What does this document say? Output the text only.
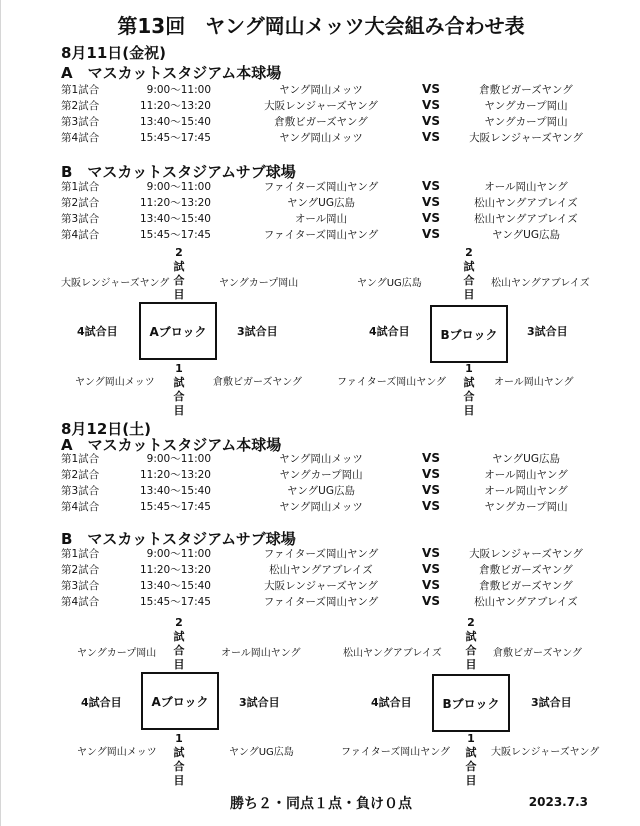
第13回　ヤング岡山メッツ大会組み合わせ表
8月11日(金祝)
A　マスカットスタジアム本球場
第1試合	9:00〜11:00	ヤング岡山メッツ	VS	倉敷ビガーズヤング
第2試合	11:20〜13:20	大阪レンジャーズヤング	VS	ヤングカープ岡山
第3試合	13:40〜15:40	倉敷ビガーズヤング	VS	ヤングカープ岡山
第4試合	15:45〜17:45	ヤング岡山メッツ	VS	大阪レンジャーズヤング
B　マスカットスタジアムサブ球場
第1試合	9:00〜11:00	ファイターズ岡山ヤング	VS	オール岡山ヤング
第2試合	11:20〜13:20	ヤングUG広島	VS	松山ヤングアブレイズ
第3試合	13:40〜15:40	オール岡山	VS	松山ヤングアブレイズ
第4試合	15:45〜17:45	ファイターズ岡山ヤング	VS	ヤングUG広島
2
試
合
目
大阪レンジャーズヤング	ヤングカープ岡山
Aブロック
4試合目	3試合目
1
試
合
目
ヤング岡山メッツ	倉敷ビガーズヤング
2
試
合
目
ヤングUG広島	松山ヤングアブレイズ
Bブロック
4試合目	3試合目
1
試
合
目
ファイターズ岡山ヤング	オール岡山ヤング
8月12日(土)
A　マスカットスタジアム本球場
第1試合	9:00〜11:00	ヤング岡山メッツ	VS	ヤングUG広島
第2試合	11:20〜13:20	ヤングカープ岡山	VS	オール岡山ヤング
第3試合	13:40〜15:40	ヤングUG広島	VS	オール岡山ヤング
第4試合	15:45〜17:45	ヤング岡山メッツ	VS	ヤングカープ岡山
B　マスカットスタジアムサブ球場
第1試合	9:00〜11:00	ファイターズ岡山ヤング	VS	大阪レンジャーズヤング
第2試合	11:20〜13:20	松山ヤングアブレイズ	VS	倉敷ビガーズヤング
第3試合	13:40〜15:40	大阪レンジャーズヤング	VS	倉敷ビガーズヤング
第4試合	15:45〜17:45	ファイターズ岡山ヤング	VS	松山ヤングアブレイズ
2
試
合
目
ヤングカープ岡山	オール岡山ヤング
Aブロック
4試合目	3試合目
1
試
合
目
ヤング岡山メッツ	ヤングUG広島
2
試
合
目
松山ヤングアブレイズ	倉敷ビガーズヤング
Bブロック
4試合目	3試合目
1
試
合
目
ファイターズ岡山ヤング	大阪レンジャーズヤング
勝ち２・同点１点・負け０点	2023.7.3
